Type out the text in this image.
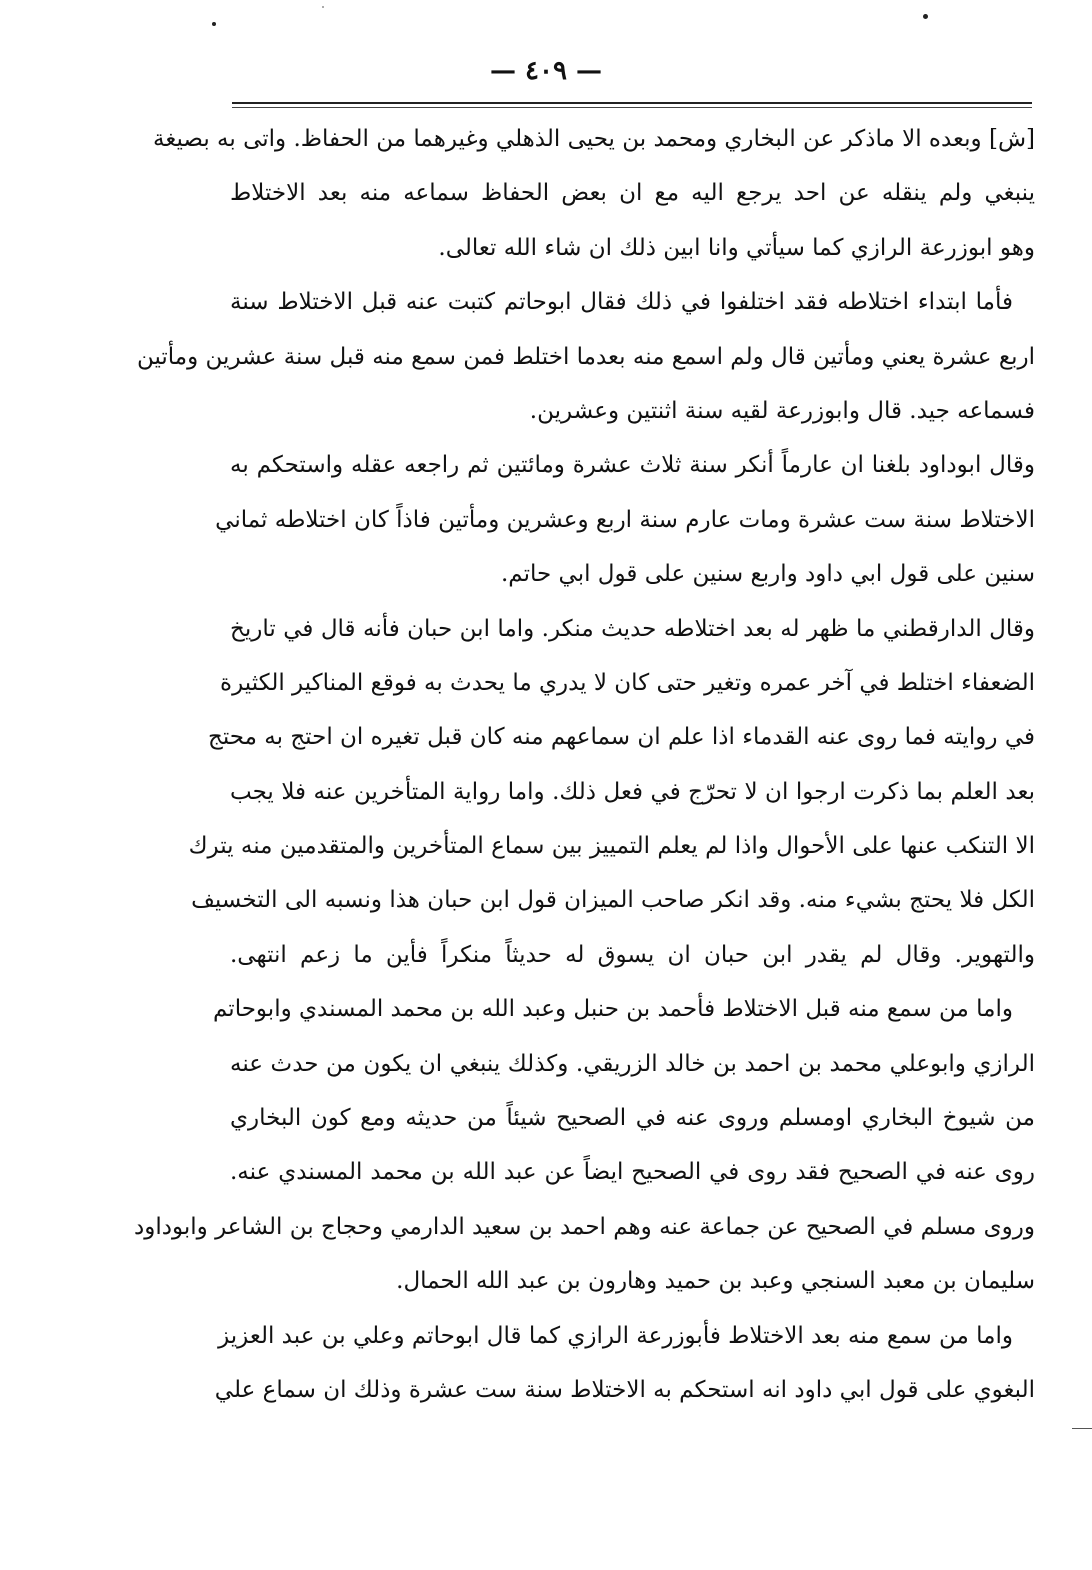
— ٤٠٩ —
[ش] وبعده الا ماذكر عن البخاري ومحمد بن يحيى الذهلي وغيرهما من الحفاظ. واتى به بصيغة
ينبغي ولم ينقله عن احد يرجع اليه مع ان بعض الحفاظ سماعه منه بعد الاختلاط
وهو ابوزرعة الرازي كما سيأتي وانا ابين ذلك ان شاء الله تعالى.
فأما ابتداء اختلاطه فقد اختلفوا في ذلك فقال ابوحاتم كتبت عنه قبل الاختلاط سنة
اربع عشرة يعني ومأتين قال ولم اسمع منه بعدما اختلط فمن سمع منه قبل سنة عشرين ومأتين
فسماعه جيد. قال وابوزرعة لقيه سنة اثنتين وعشرين.
وقال ابوداود بلغنا ان عارماً أنكر سنة ثلاث عشرة ومائتين ثم راجعه عقله واستحكم به
الاختلاط سنة ست عشرة ومات عارم سنة اربع وعشرين ومأتين فاذاً كان اختلاطه ثماني
سنين على قول ابي داود واربع سنين على قول ابي حاتم.
وقال الدارقطني ما ظهر له بعد اختلاطه حديث منكر. واما ابن حبان فأنه قال في تاريخ
الضعفاء اختلط في آخر عمره وتغير حتى كان لا يدري ما يحدث به فوقع المناكير الكثيرة
في روايته فما روى عنه القدماء اذا علم ان سماعهم منه كان قبل تغيره ان احتج به محتج
بعد العلم بما ذكرت ارجوا ان لا تحرّج في فعل ذلك. واما رواية المتأخرين عنه فلا يجب
الا التنكب عنها على الأحوال واذا لم يعلم التمييز بين سماع المتأخرين والمتقدمين منه يترك
الكل فلا يحتج بشيء منه. وقد انكر صاحب الميزان قول ابن حبان هذا ونسبه الى التخسيف
والتهوير. وقال لم يقدر ابن حبان ان يسوق له حديثاً منكراً فأين ما زعم انتهى.
واما من سمع منه قبل الاختلاط فأحمد بن حنبل وعبد الله بن محمد المسندي وابوحاتم
الرازي وابوعلي محمد بن احمد بن خالد الزريقي. وكذلك ينبغي ان يكون من حدث عنه
من شيوخ البخاري اومسلم وروى عنه في الصحيح شيئاً من حديثه ومع كون البخاري
روى عنه في الصحيح فقد روى في الصحيح ايضاً عن عبد الله بن محمد المسندي عنه.
وروى مسلم في الصحيح عن جماعة عنه وهم احمد بن سعيد الدارمي وحجاج بن الشاعر وابوداود
سليمان بن معبد السنجي وعبد بن حميد وهارون بن عبد الله الحمال.
واما من سمع منه بعد الاختلاط فأبوزرعة الرازي كما قال ابوحاتم وعلي بن عبد العزيز
البغوي على قول ابي داود انه استحكم به الاختلاط سنة ست عشرة وذلك ان سماع علي
